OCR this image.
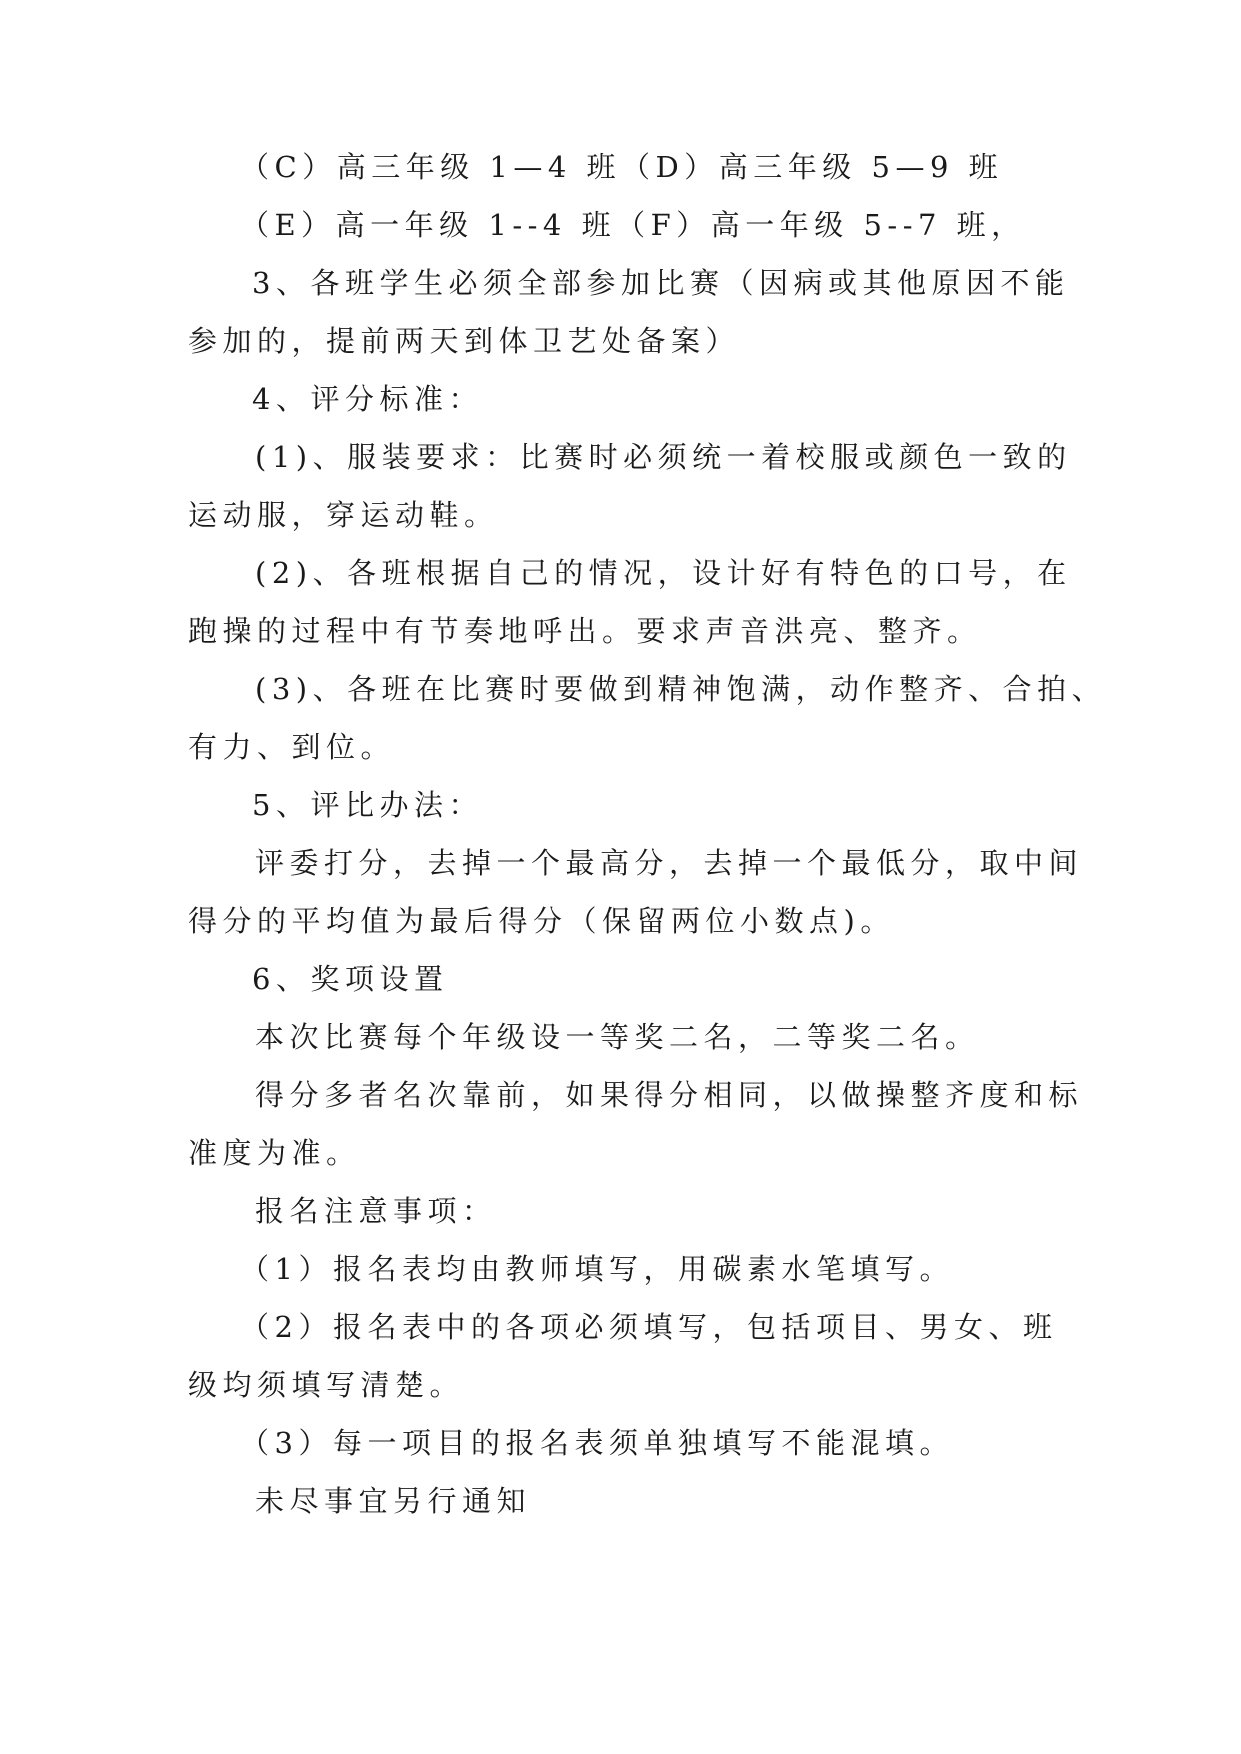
（C）高三年级 1—4 班（D）高三年级 5—9 班
（E）高一年级 1--4 班（F）高一年级 5--7 班，
3、各班学生必须全部参加比赛（因病或其他原因不能
参加的，提前两天到体卫艺处备案）
4、评分标准：
(1)、服装要求：比赛时必须统一着校服或颜色一致的
运动服，穿运动鞋。
(2)、各班根据自己的情况，设计好有特色的口号，在
跑操的过程中有节奏地呼出。要求声音洪亮、整齐。
(3)、各班在比赛时要做到精神饱满，动作整齐、合拍、
有力、到位。
5、评比办法：
评委打分，去掉一个最高分，去掉一个最低分，取中间
得分的平均值为最后得分（保留两位小数点)。
6、奖项设置
本次比赛每个年级设一等奖二名，二等奖二名。
得分多者名次靠前，如果得分相同，以做操整齐度和标
准度为准。
报名注意事项：
（1）报名表均由教师填写，用碳素水笔填写。
（2）报名表中的各项必须填写，包括项目、男女、班
级均须填写清楚。
（3）每一项目的报名表须单独填写不能混填。
未尽事宜另行通知
